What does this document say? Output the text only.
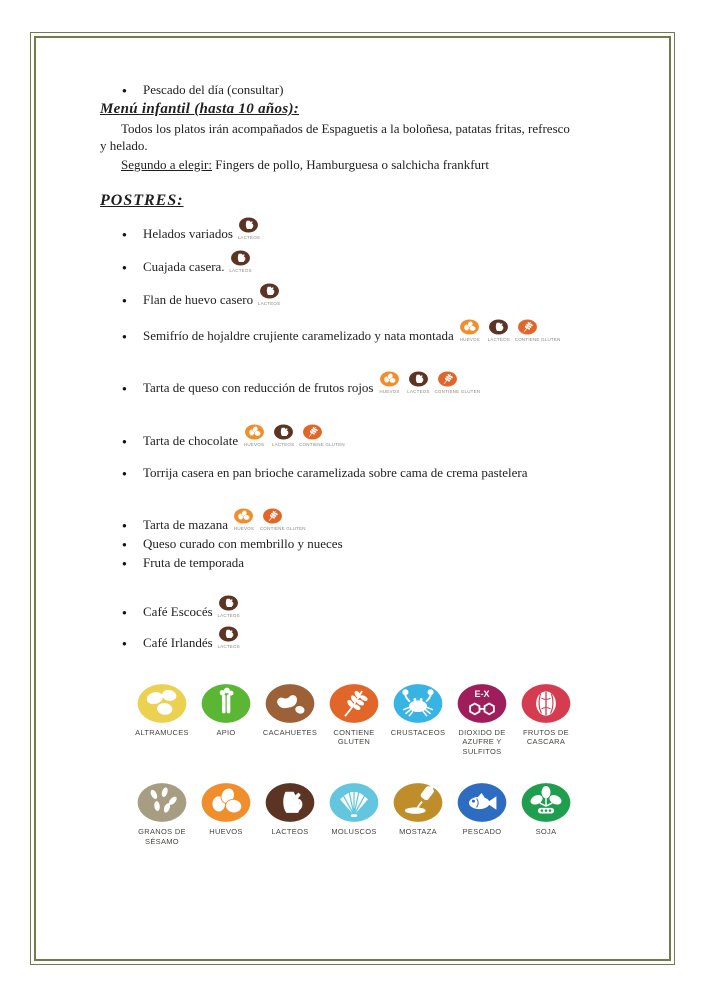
● Pescado del día (consultar)
Menú infantil (hasta 10 años):

Todos los platos irán acompañados de Espaguetis a la boloñesa, patatas fritas, refresco
y helado.

Segundo a elegir: Fingers de pollo, Hamburguesa o salchicha frankfurt

POSTRES:
● Helados variados	LACTEOS
● Cuajada casera.	LACTEOS
● Flan de huevo casero	LACTEOS
● Semifrío de hojaldre crujiente caramelizado y nata montada	HUEVOS	LACTEOS	CONTIENE GLUTEN
● Tarta de queso con reducción de frutos rojos	HUEVOS	LACTEOS	CONTIENE GLUTEN
● Tarta de chocolate	HUEVOS	LACTEOS	CONTIENE GLUTEN
● Torrija casera en pan brioche caramelizada sobre cama de crema pastelera
● Tarta de mazana	HUEVOS	CONTIENE GLUTEN
● Queso curado con membrillo y nueces
● Fruta de temporada
● Café Escocés	LACTEOS
● Café Irlandés	LACTEOS
ALTRAMUCES	APIO	CACAHUETES	CONTIENE GLUTEN
CRUSTACEOS
E-X
DIOXIDO DE AZUFRE Y SULFITOS
FRUTOS DE CASCARA
GRANOS DE SÉSAMO
HUEVOS	LACTEOS	MOLUSCOS	MOSTAZA	PESCADO	SOJA
